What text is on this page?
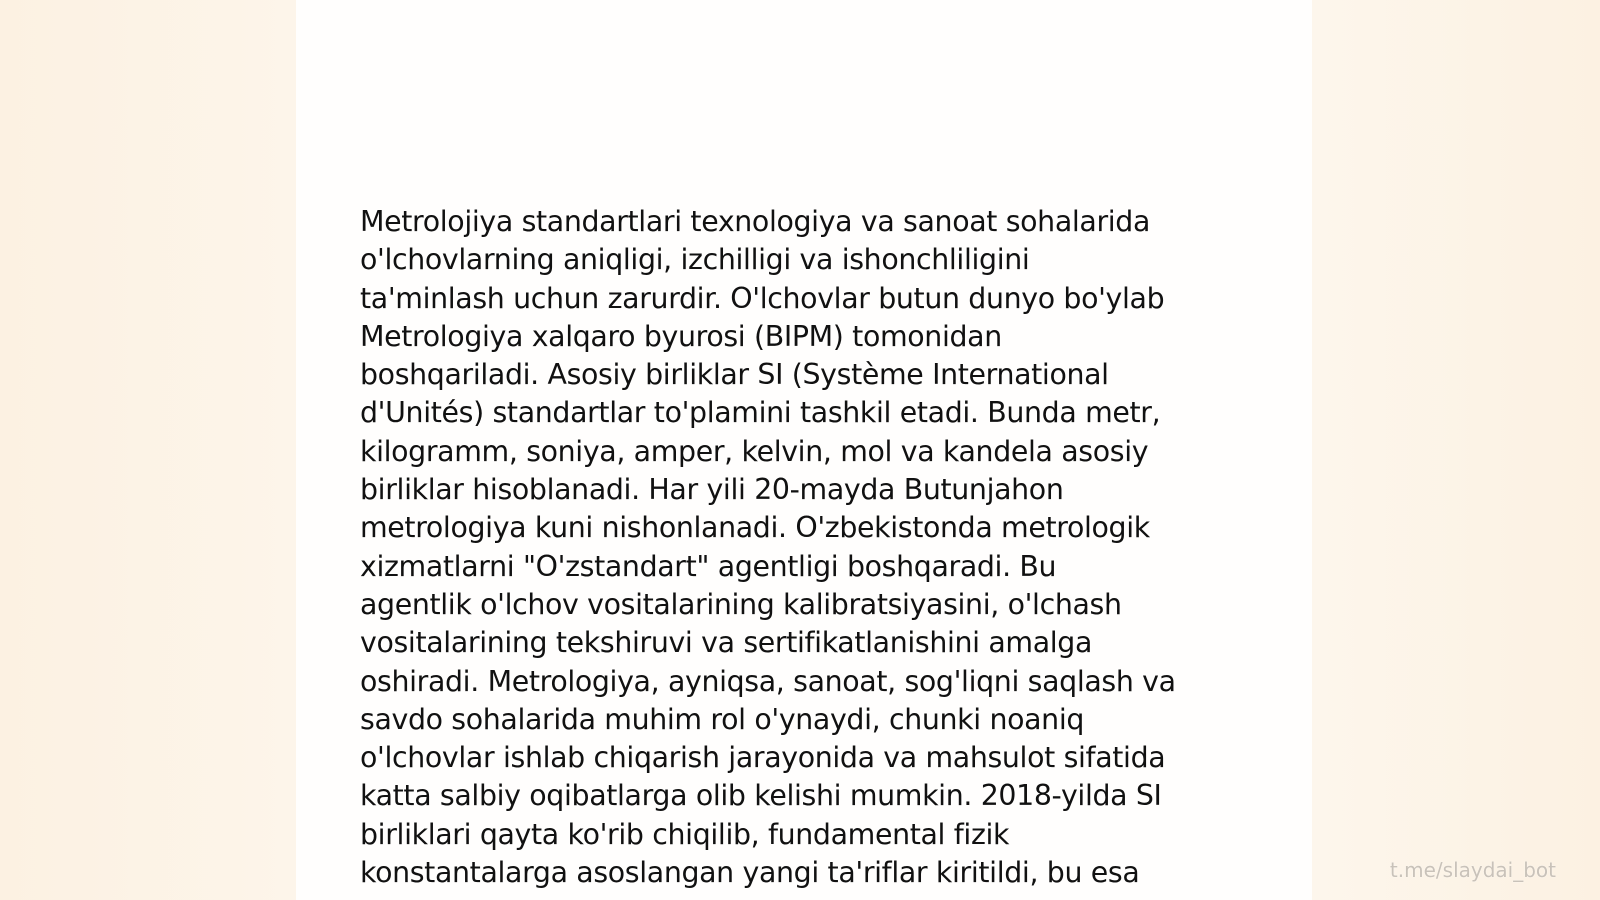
Metrolojiya standartlari texnologiya va sanoat sohalarida
o'lchovlarning aniqligi, izchilligi va ishonchliligini
ta'minlash uchun zarurdir. O'lchovlar butun dunyo bo'ylab
Metrologiya xalqaro byurosi (BIPM) tomonidan
boshqariladi. Asosiy birliklar SI (Système International
d'Unités) standartlar to'plamini tashkil etadi. Bunda metr,
kilogramm, soniya, amper, kelvin, mol va kandela asosiy
birliklar hisoblanadi. Har yili 20-mayda Butunjahon
metrologiya kuni nishonlanadi. O'zbekistonda metrologik
xizmatlarni "O'zstandart" agentligi boshqaradi. Bu
agentlik o'lchov vositalarining kalibratsiyasini, o'lchash
vositalarining tekshiruvi va sertifikatlanishini amalga
oshiradi. Metrologiya, ayniqsa, sanoat, sog'liqni saqlash va
savdo sohalarida muhim rol o'ynaydi, chunki noaniq
o'lchovlar ishlab chiqarish jarayonida va mahsulot sifatida
katta salbiy oqibatlarga olib kelishi mumkin. 2018-yilda SI
birliklari qayta ko'rib chiqilib, fundamental fizik
konstantalarga asoslangan yangi ta'riflar kiritildi, bu esa	t.me/slaydai_bot
